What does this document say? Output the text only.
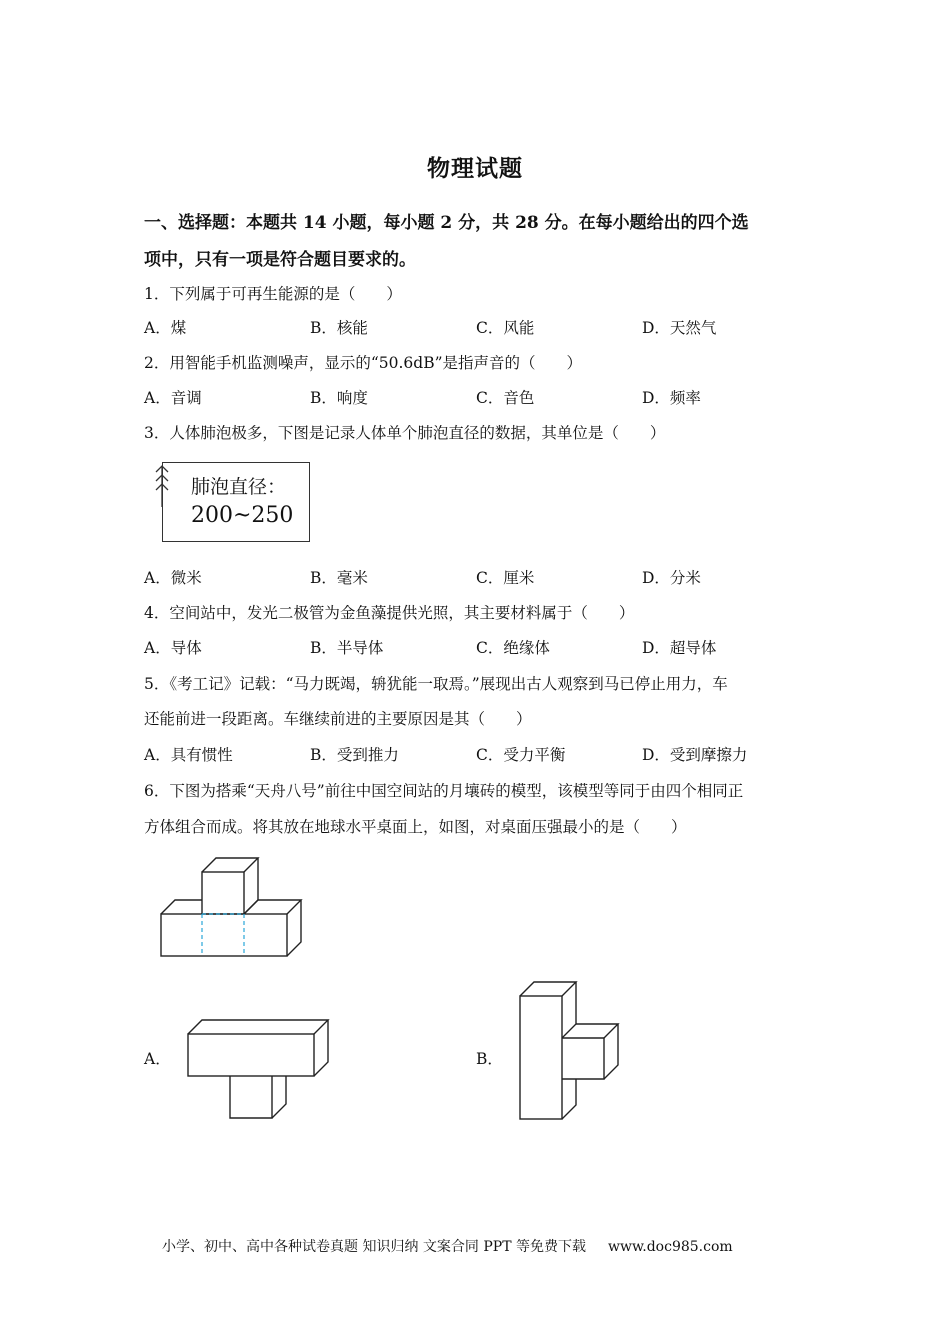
物理试题
一、选择题：本题共 14 小题，每小题 2 分，共 28 分。在每小题给出的四个选
项中，只有一项是符合题目要求的。
1．下列属于可再生能源的是（　　）
A．煤	B．核能	C．风能	D．天然气
2．用智能手机监测噪声，显示的“50.6dB”是指声音的（　　）
A．音调	B．响度	C．音色	D．频率
3．人体肺泡极多，下图是记录人体单个肺泡直径的数据，其单位是（　　）
肺泡直径：
200~250
A．微米	B．毫米	C．厘米	D．分米
4．空间站中，发光二极管为金鱼藻提供光照，其主要材料属于（　　）
A．导体	B．半导体	C．绝缘体	D．超导体
5．《考工记》记载：“马力既竭，辀犹能一取焉。”展现出古人观察到马已停止用力，车
还能前进一段距离。车继续前进的主要原因是其（　　）
A．具有惯性	B．受到推力	C．受力平衡	D．受到摩擦力
6．下图为搭乘“天舟八号”前往中国空间站的月壤砖的模型，该模型等同于由四个相同正
方体组合而成。将其放在地球水平桌面上，如图，对桌面压强最小的是（　　）
A．	B．
小学、初中、高中各种试卷真题 知识归纳 文案合同 PPT 等免费下载 www.doc985.com
